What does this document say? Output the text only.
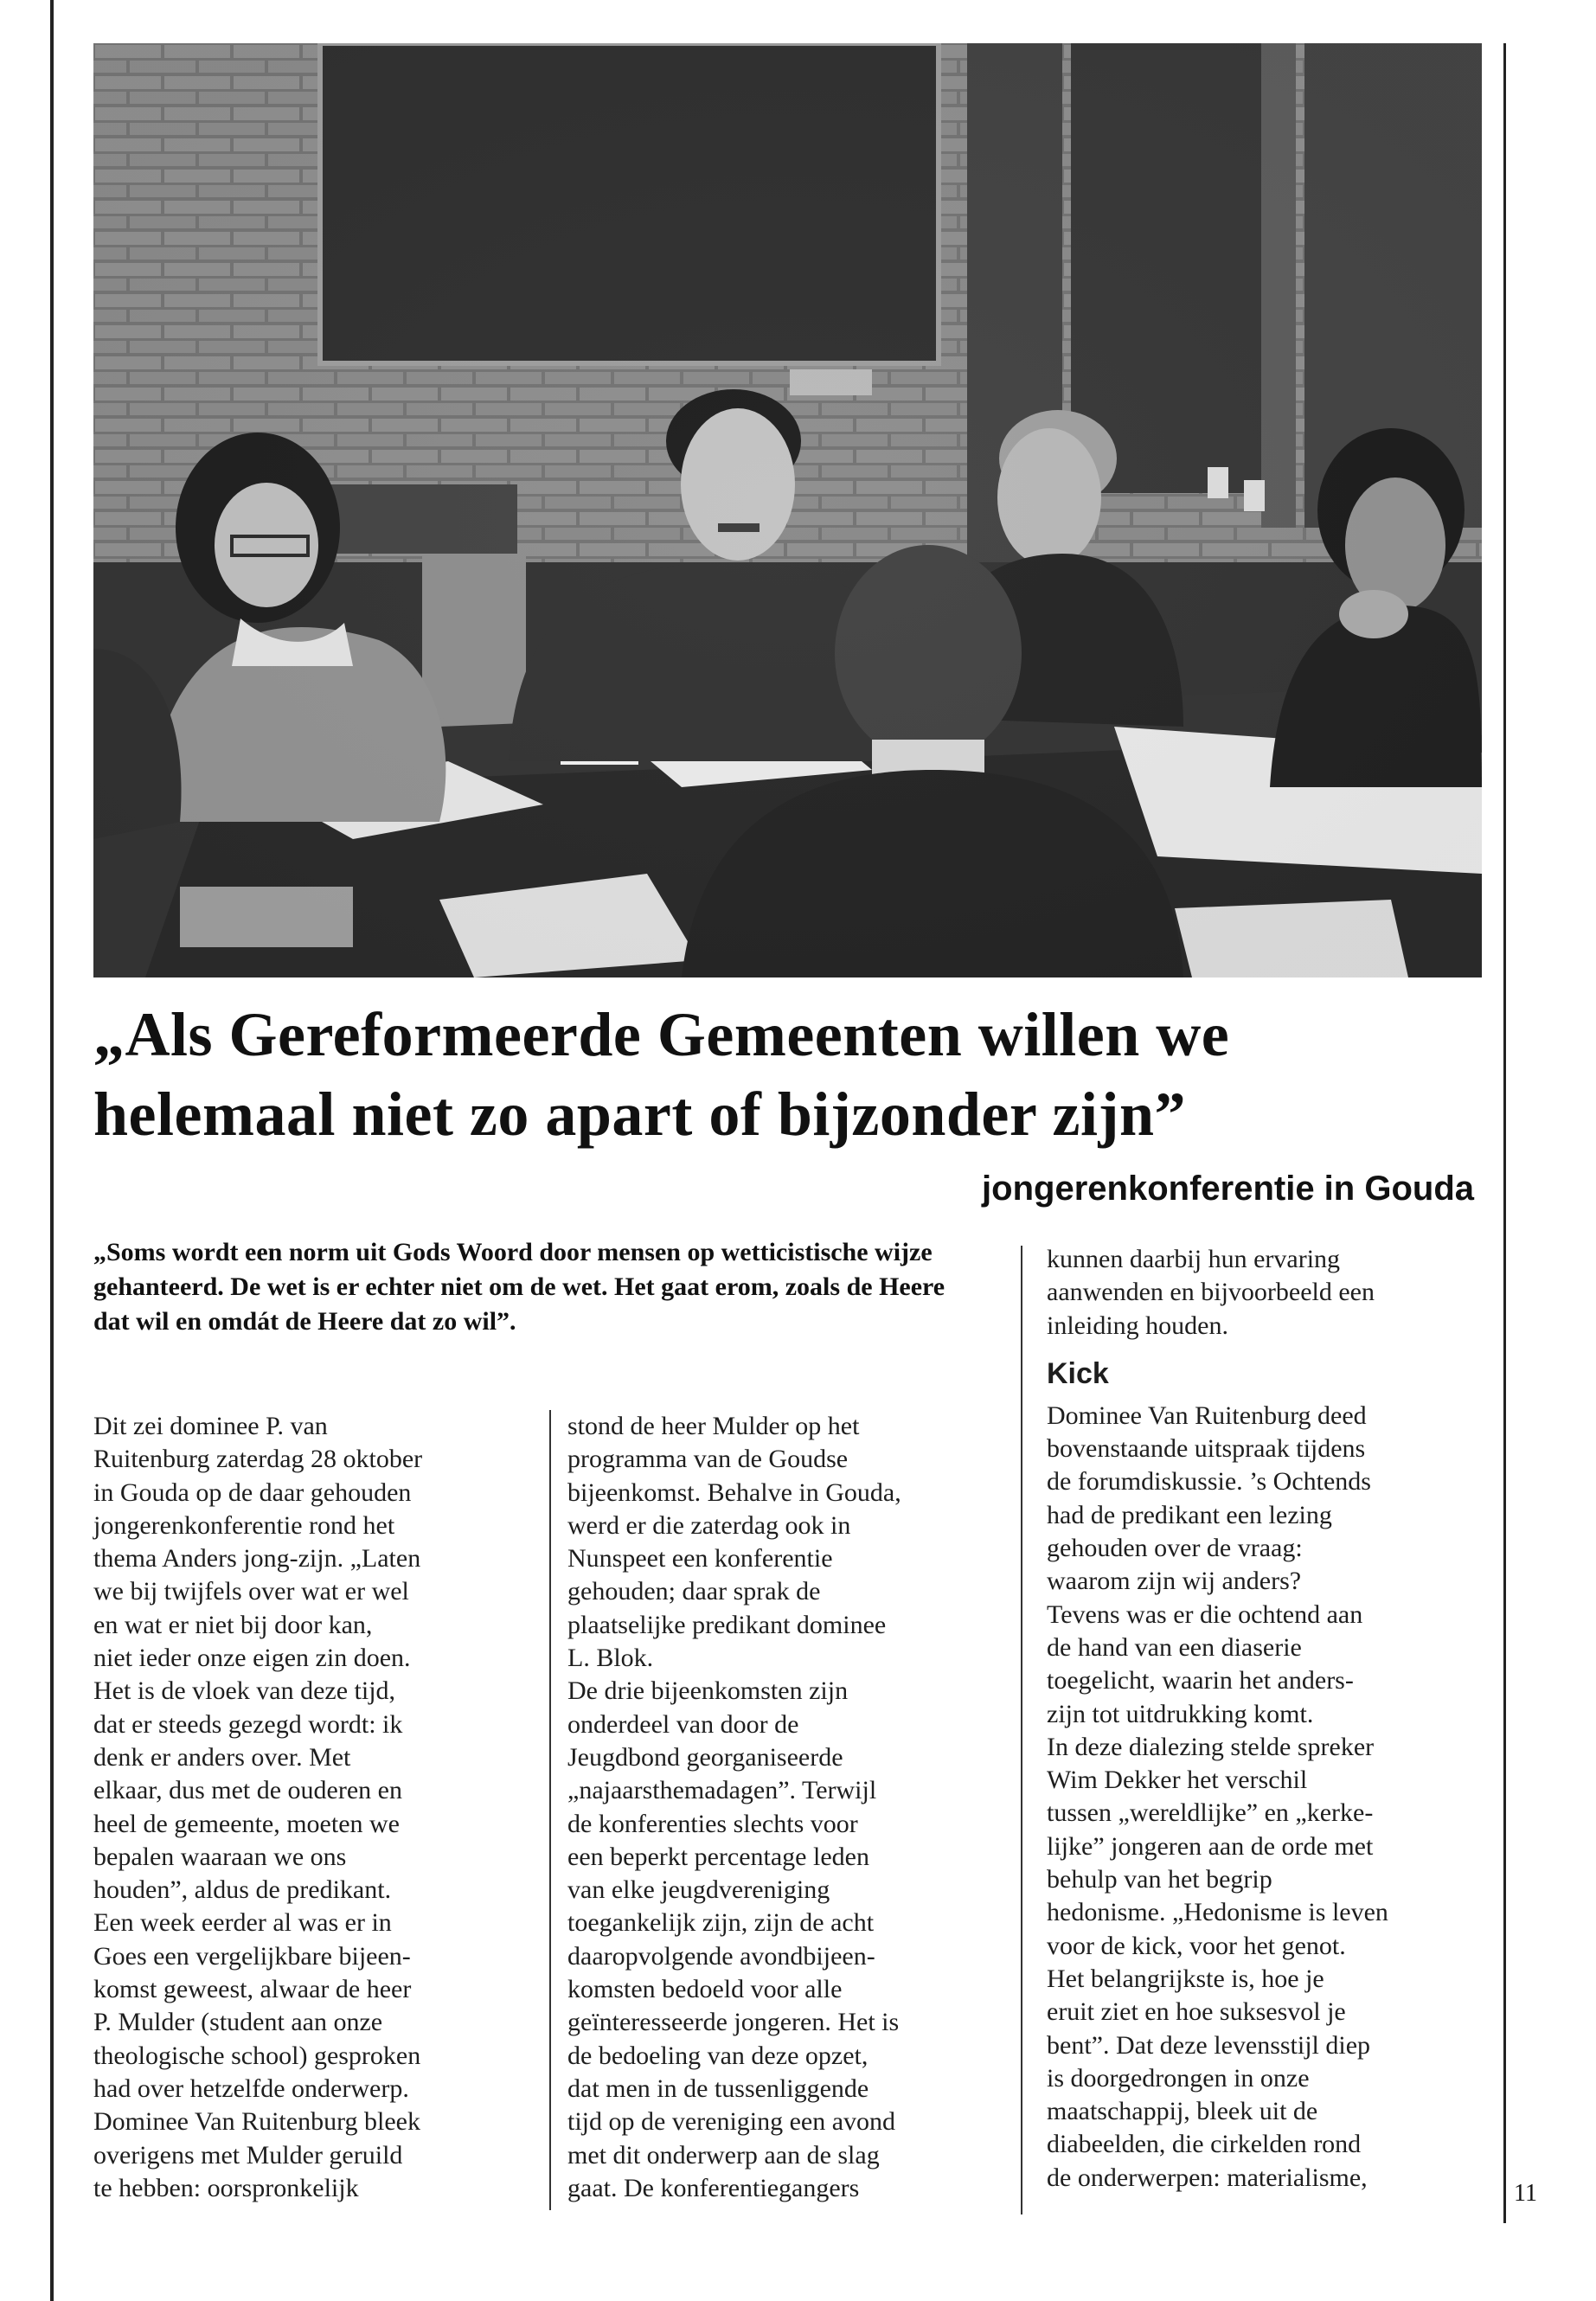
„Als Gereformeerde Gemeenten willen we
helemaal niet zo apart of bijzonder zijn”
jongerenkonferentie in Gouda
„Soms wordt een norm uit Gods Woord door mensen op wetticistische wijze gehanteerd. De wet is er echter niet om de wet. Het gaat erom, zoals de Heere dat wil en omdát de Heere dat zo wil”.

Dit zei dominee P. van
Ruitenburg zaterdag 28 oktober
in Gouda op de daar gehouden
jongerenkonferentie rond het
thema Anders jong-zijn. „Laten
we bij twijfels over wat er wel
en wat er niet bij door kan,
niet ieder onze eigen zin doen.
Het is de vloek van deze tijd,
dat er steeds gezegd wordt: ik
denk er anders over. Met
elkaar, dus met de ouderen en
heel de gemeente, moeten we
bepalen waaraan we ons
houden”, aldus de predikant.
Een week eerder al was er in
Goes een vergelijkbare bijeen-
komst geweest, alwaar de heer
P. Mulder (student aan onze
theologische school) gesproken
had over hetzelfde onderwerp.
Dominee Van Ruitenburg bleek
overigens met Mulder geruild
te hebben: oorspronkelijk

stond de heer Mulder op het
programma van de Goudse
bijeenkomst. Behalve in Gouda,
werd er die zaterdag ook in
Nunspeet een konferentie
gehouden; daar sprak de
plaatselijke predikant dominee
L. Blok.
De drie bijeenkomsten zijn
onderdeel van door de
Jeugdbond georganiseerde
„najaarsthemadagen”. Terwijl
de konferenties slechts voor
een beperkt percentage leden
van elke jeugdvereniging
toegankelijk zijn, zijn de acht
daaropvolgende avondbijeen-
komsten bedoeld voor alle
geïnteresseerde jongeren. Het is
de bedoeling van deze opzet,
dat men in de tussenliggende
tijd op de vereniging een avond
met dit onderwerp aan de slag
gaat. De konferentiegangers

kunnen daarbij hun ervaring
aanwenden en bijvoorbeeld een
inleiding houden.

Kick

Dominee Van Ruitenburg deed
bovenstaande uitspraak tijdens
de forumdiskussie. ’s Ochtends
had de predikant een lezing
gehouden over de vraag:
waarom zijn wij anders?
Tevens was er die ochtend aan
de hand van een diaserie
toegelicht, waarin het anders-
zijn tot uitdrukking komt.
In deze dialezing stelde spreker
Wim Dekker het verschil
tussen „wereldlijke” en „kerke-
lijke” jongeren aan de orde met
behulp van het begrip
hedonisme. „Hedonisme is leven
voor de kick, voor het genot.
Het belangrijkste is, hoe je
eruit ziet en hoe suksesvol je
bent”. Dat deze levensstijl diep
is doorgedrongen in onze
maatschappij, bleek uit de
diabeelden, die cirkelden rond
de onderwerpen: materialisme,

11
